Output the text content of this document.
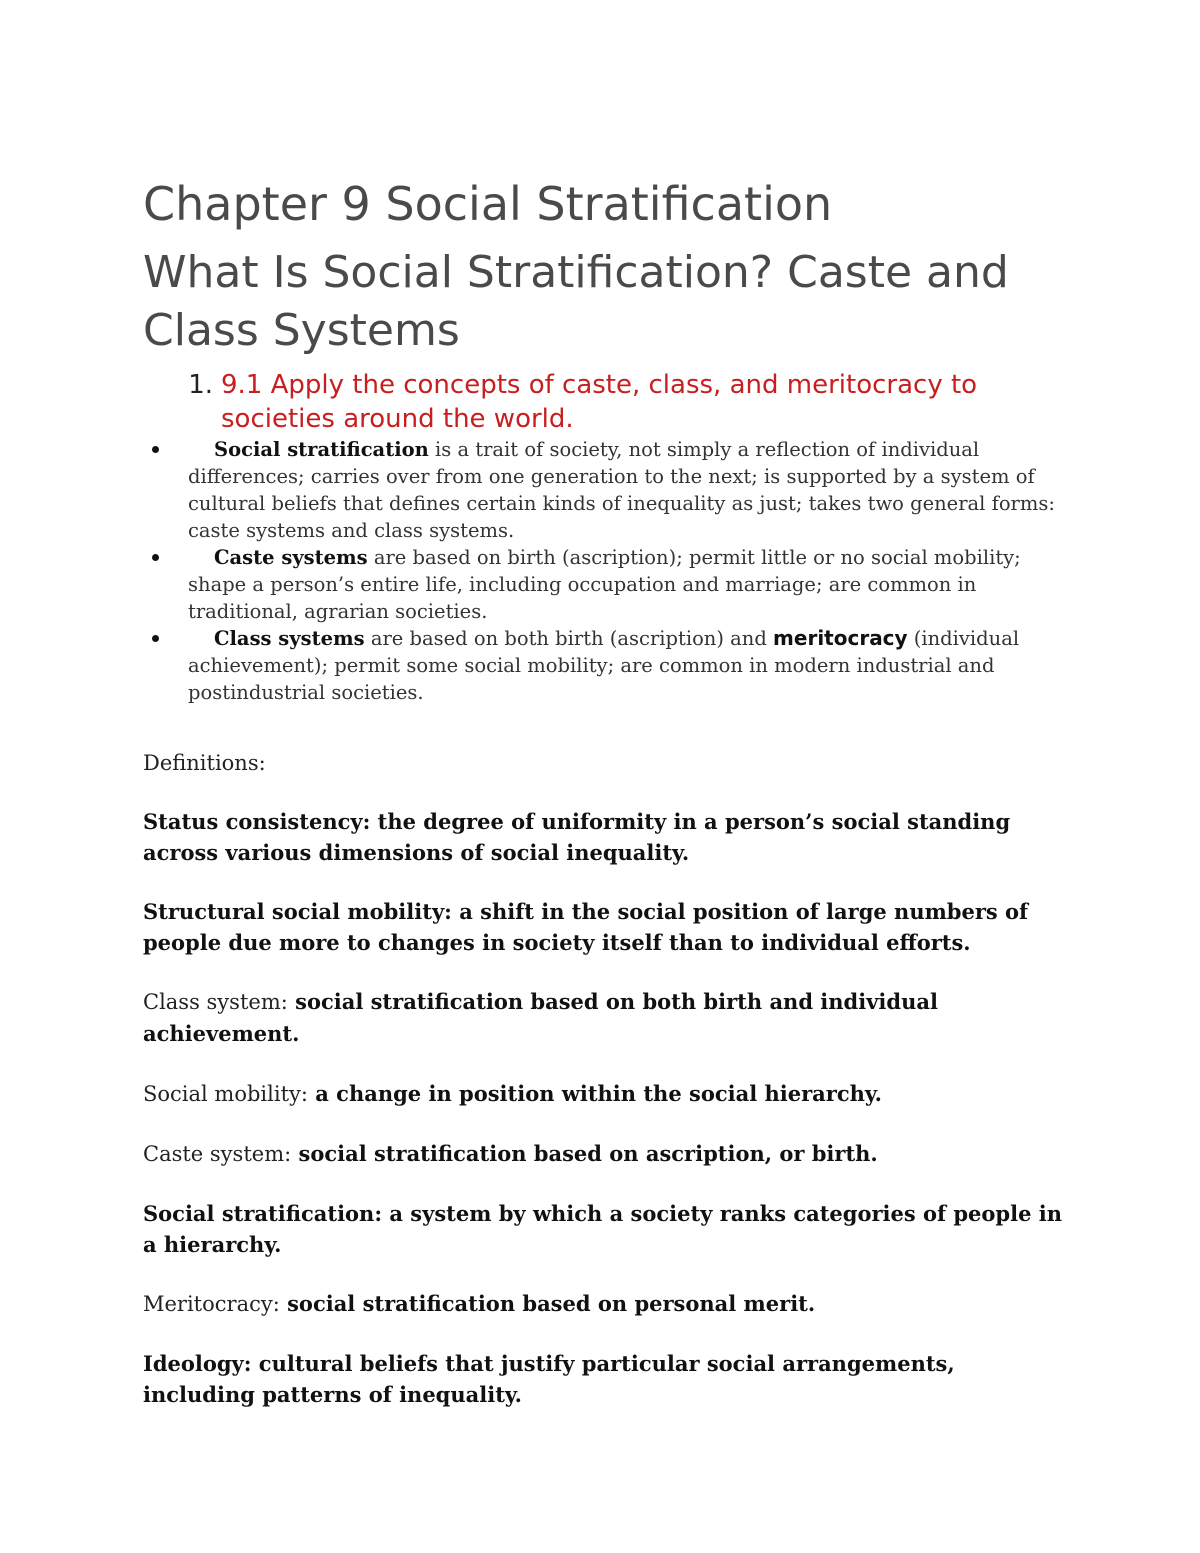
Chapter 9 Social Stratification
What Is Social Stratification? Caste and Class Systems
1. 9.1 Apply the concepts of caste, class, and meritocracy to societies around the world.
Social stratification is a trait of society, not simply a reflection of individual differences; carries over from one generation to the next; is supported by a system of cultural beliefs that defines certain kinds of inequality as just; takes two general forms: caste systems and class systems.
Caste systems are based on birth (ascription); permit little or no social mobility; shape a person’s entire life, including occupation and marriage; are common in traditional, agrarian societies.
Class systems are based on both birth (ascription) and meritocracy (individual achievement); permit some social mobility; are common in modern industrial and postindustrial societies.

Definitions:

Status consistency: the degree of uniformity in a person’s social standing across various dimensions of social inequality.
Structural social mobility: a shift in the social position of large numbers of people due more to changes in society itself than to individual efforts.
Class system: social stratification based on both birth and individual achievement.
Social mobility: a change in position within the social hierarchy.
Caste system: social stratification based on ascription, or birth.
Social stratification: a system by which a society ranks categories of people in a hierarchy.
Meritocracy: social stratification based on personal merit.
Ideology: cultural beliefs that justify particular social arrangements, including patterns of inequality.
